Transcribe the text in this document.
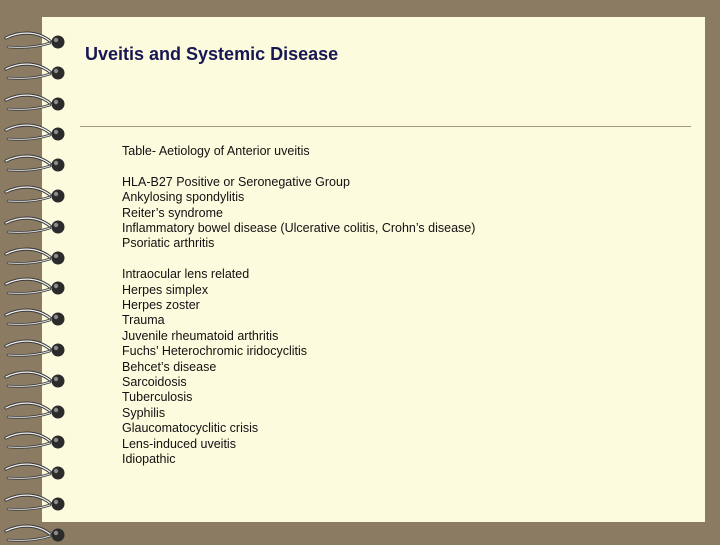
Uveitis and Systemic Disease
Table- Aetiology of Anterior uveitis
HLA-B27 Positive or Seronegative Group
Ankylosing spondylitis
Reiter’s syndrome
Inflammatory bowel disease (Ulcerative colitis, Crohn’s disease)
Psoriatic arthritis
Intraocular lens related
Herpes simplex
Herpes zoster
Trauma
Juvenile rheumatoid arthritis
Fuchs’ Heterochromic iridocyclitis
Behcet’s disease
Sarcoidosis
Tuberculosis
Syphilis
Glaucomatocyclitic crisis
Lens-induced uveitis
Idiopathic
